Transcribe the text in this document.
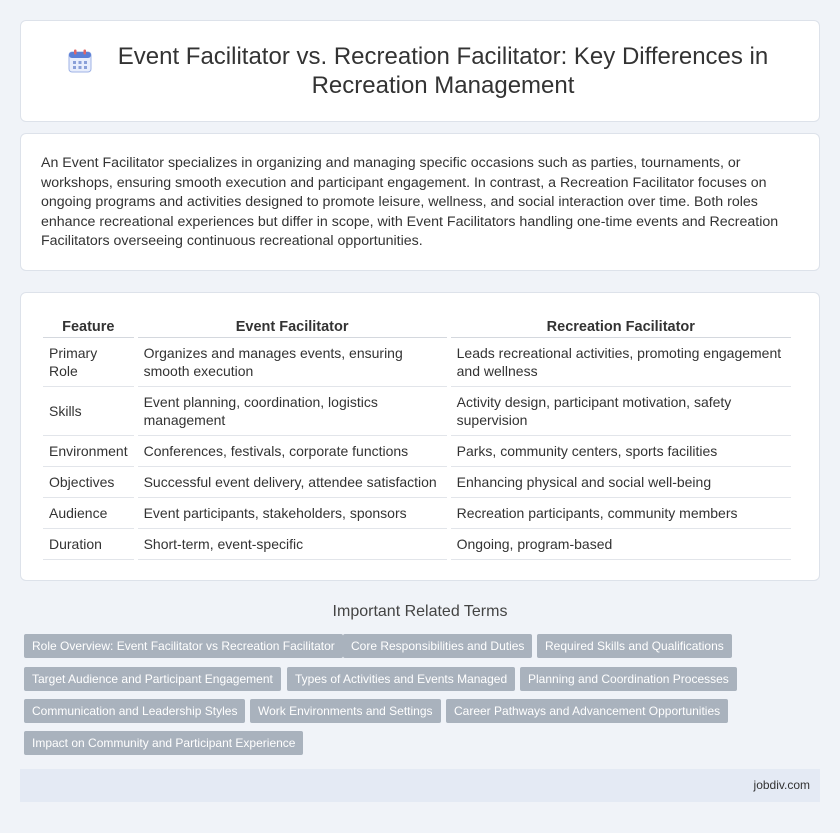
Event Facilitator vs. Recreation Facilitator: Key Differences in Recreation Management

An Event Facilitator specializes in organizing and managing specific occasions such as parties, tournaments, or workshops, ensuring smooth execution and participant engagement. In contrast, a Recreation Facilitator focuses on ongoing programs and activities designed to promote leisure, wellness, and social interaction over time. Both roles enhance recreational experiences but differ in scope, with Event Facilitators handling one-time events and Recreation Facilitators overseeing continuous recreational opportunities.

Feature	Event Facilitator	Recreation Facilitator
Primary Role	Organizes and manages events, ensuring smooth execution	Leads recreational activities, promoting engagement and wellness
Skills	Event planning, coordination, logistics management	Activity design, participant motivation, safety supervision
Environment	Conferences, festivals, corporate functions	Parks, community centers, sports facilities
Objectives	Successful event delivery, attendee satisfaction	Enhancing physical and social well-being
Audience	Event participants, stakeholders, sponsors	Recreation participants, community members
Duration	Short-term, event-specific	Ongoing, program-based
Important Related Terms
Role Overview: Event Facilitator vs Recreation Facilitator	Core Responsibilities and Duties	Required Skills and Qualifications
Target Audience and Participant Engagement	Types of Activities and Events Managed	Planning and Coordination Processes
Communication and Leadership Styles	Work Environments and Settings	Career Pathways and Advancement Opportunities
Impact on Community and Participant Experience
jobdiv.com
